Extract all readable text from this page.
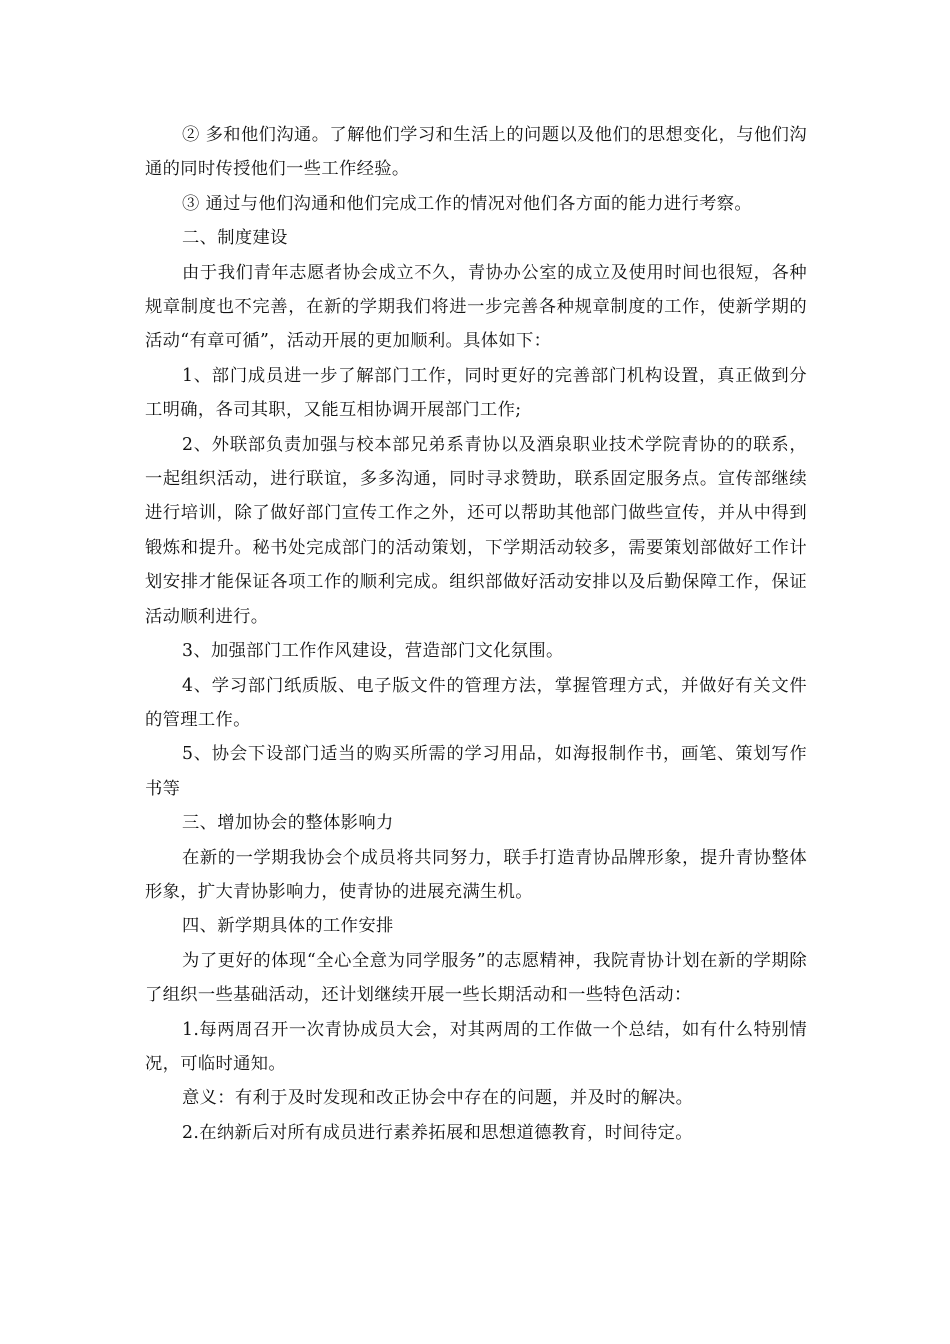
② 多和他们沟通。了解他们学习和生活上的问题以及他们的思想变化，与他们沟通的同时传授他们一些工作经验。

③ 通过与他们沟通和他们完成工作的情况对他们各方面的能力进行考察。

二、制度建设

由于我们青年志愿者协会成立不久，青协办公室的成立及使用时间也很短，各种规章制度也不完善，在新的学期我们将进一步完善各种规章制度的工作，使新学期的活动“有章可循”，活动开展的更加顺利。具体如下：

1、部门成员进一步了解部门工作，同时更好的完善部门机构设置，真正做到分工明确，各司其职，又能互相协调开展部门工作;

2、外联部负责加强与校本部兄弟系青协以及酒泉职业技术学院青协的的联系，一起组织活动，进行联谊，多多沟通，同时寻求赞助，联系固定服务点。宣传部继续进行培训，除了做好部门宣传工作之外，还可以帮助其他部门做些宣传，并从中得到锻炼和提升。秘书处完成部门的活动策划，下学期活动较多，需要策划部做好工作计划安排才能保证各项工作的顺利完成。组织部做好活动安排以及后勤保障工作，保证活动顺利进行。

3、加强部门工作作风建设，营造部门文化氛围。

4、学习部门纸质版、电子版文件的管理方法，掌握管理方式，并做好有关文件的管理工作。

5、协会下设部门适当的购买所需的学习用品，如海报制作书，画笔、策划写作书等

三、增加协会的整体影响力

在新的一学期我协会个成员将共同努力，联手打造青协品牌形象，提升青协整体形象，扩大青协影响力，使青协的进展充满生机。

四、新学期具体的工作安排

为了更好的体现“全心全意为同学服务”的志愿精神，我院青协计划在新的学期除了组织一些基础活动，还计划继续开展一些长期活动和一些特色活动：

1.每两周召开一次青协成员大会，对其两周的工作做一个总结，如有什么特别情况，可临时通知。

意义：有利于及时发现和改正协会中存在的问题，并及时的解决。

2.在纳新后对所有成员进行素养拓展和思想道德教育，时间待定。
